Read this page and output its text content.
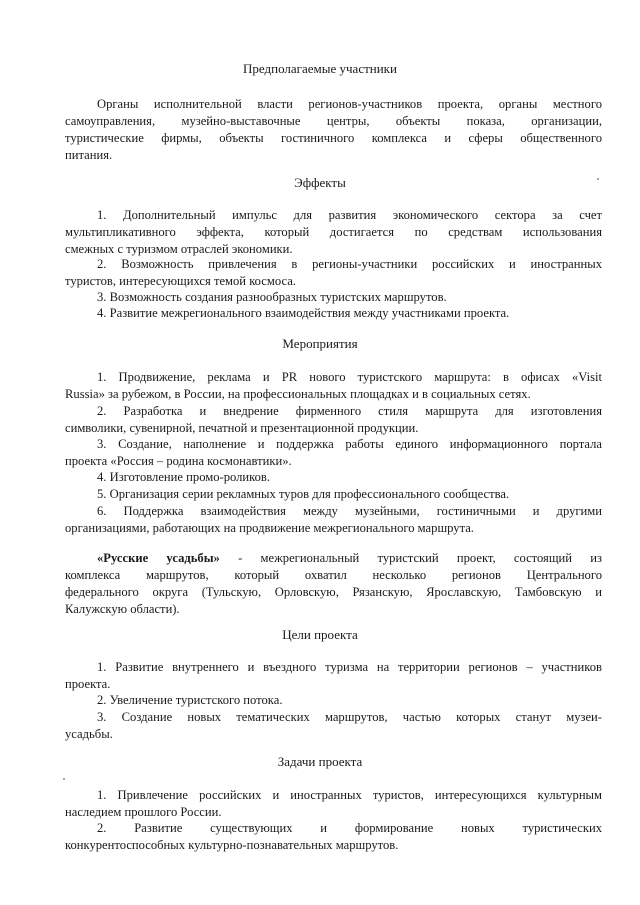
Предполагаемые участники
Органы исполнительной власти регионов-участников проекта, органы местного
самоуправления, музейно-выставочные центры, объекты показа, организации,
туристические фирмы, объекты гостиничного комплекса и сферы общественного
питания.
Эффекты
1. Дополнительный импульс для развития экономического сектора за счет
мультипликативного эффекта, который достигается по средствам использования
смежных с туризмом отраслей экономики.
2. Возможность привлечения в регионы-участники российских и иностранных
туристов, интересующихся темой космоса.
3. Возможность создания разнообразных туристских маршрутов.
4. Развитие межрегионального взаимодействия между участниками проекта.
Мероприятия
1. Продвижение, реклама и PR нового туристского маршрута: в офисах «Visit
Russia» за рубежом, в России, на профессиональных площадках и в социальных сетях.
2. Разработка и внедрение фирменного стиля маршрута для изготовления
символики, сувенирной, печатной и презентационной продукции.
3. Создание, наполнение и поддержка работы единого информационного портала
проекта «Россия – родина космонавтики».
4. Изготовление промо-роликов.
5. Организация серии рекламных туров для профессионального сообщества.
6. Поддержка взаимодействия между музейными, гостиничными и другими
организациями, работающих на продвижение межрегионального маршрута.
«Русские усадьбы» - межрегиональный туристский проект, состоящий из
комплекса маршрутов, который охватил несколько регионов Центрального
федерального округа (Тульскую, Орловскую, Рязанскую, Ярославскую, Тамбовскую и
Калужскую области).
Цели проекта
1. Развитие внутреннего и въездного туризма на территории регионов – участников
проекта.
2. Увеличение туристского потока.
3. Создание новых тематических маршрутов, частью которых станут музеи-
усадьбы.
Задачи проекта
1. Привлечение российских и иностранных туристов, интересующихся культурным
наследием прошлого России.
2. Развитие существующих и формирование новых туристических
конкурентоспособных культурно-познавательных маршрутов.
